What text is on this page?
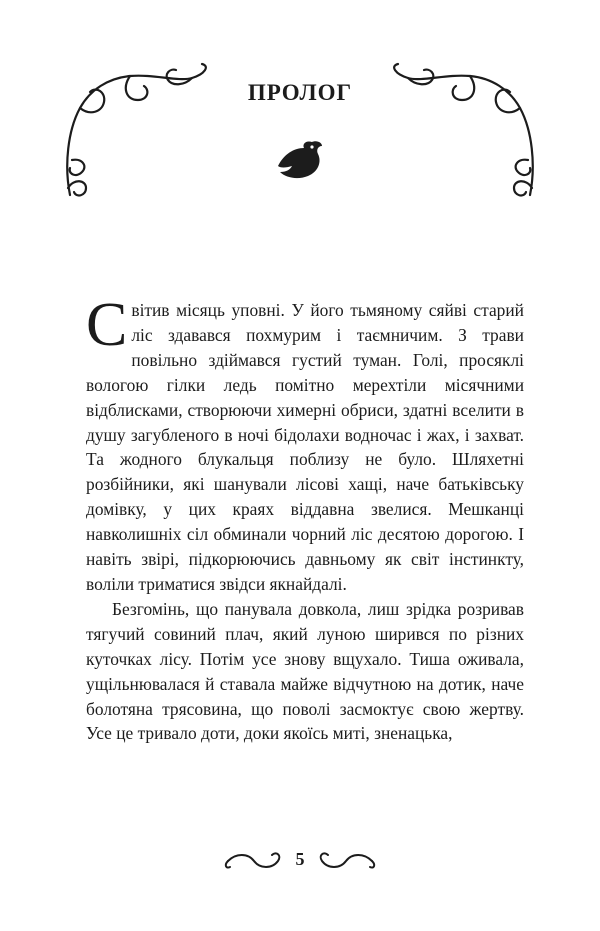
ПРОЛОГ

Світив місяць уповні. У його тьмяному сяйві старий ліс здавався похмурим і таємничим. З трави повільно здіймався густий туман. Голі, просяклі вологою гілки ледь помітно мерехтіли місячними відблисками, створюючи химерні обриси, здатні вселити в душу загубленого в ночі бідолахи водночас і жах, і захват. Та жодного блукальця поблизу не було. Шляхетні розбійники, які шанували лісові хащі, наче батьківську домівку, у цих краях віддавна звелися. Мешканці навколишніх сіл обминали чорний ліс десятою дорогою. І навіть звірі, підкорюючись давньому як світ інстинкту, воліли триматися звідси якнайдалі.

Безгомінь, що панувала довкола, лиш зрідка розривав тягучий совиний плач, який луною ширився по різних куточках лісу. Потім усе знову вщухало. Тиша оживала, ущільнювалася й ставала майже відчутною на дотик, наче болотяна трясовина, що поволі засмоктує свою жертву. Усе це тривало доти, доки якоїсь миті, зненацька,

5
